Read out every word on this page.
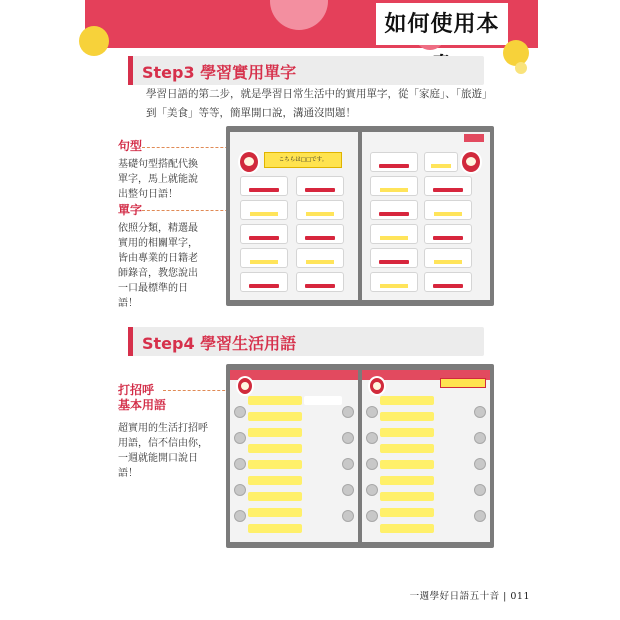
如何使用本
Step3 學習實用單字
學習日語的第二步，就是學習日常生活中的實用單字，從「家庭」、「旅遊」到「美食」等等，簡單開口說，溝通沒問題！
句型
基礎句型搭配代換單字，馬上就能說出整句日語！
單字
依照分類，精選最實用的相關單字，皆由專業的日籍老師錄音，教您說出一口最標準的日語！
こちらは□□です。
Step4 學習生活用語
打招呼
基本用語
超實用的生活打招呼用語，信不信由你，一週就能開口說日語！
一週學好日語五十音 | 011
